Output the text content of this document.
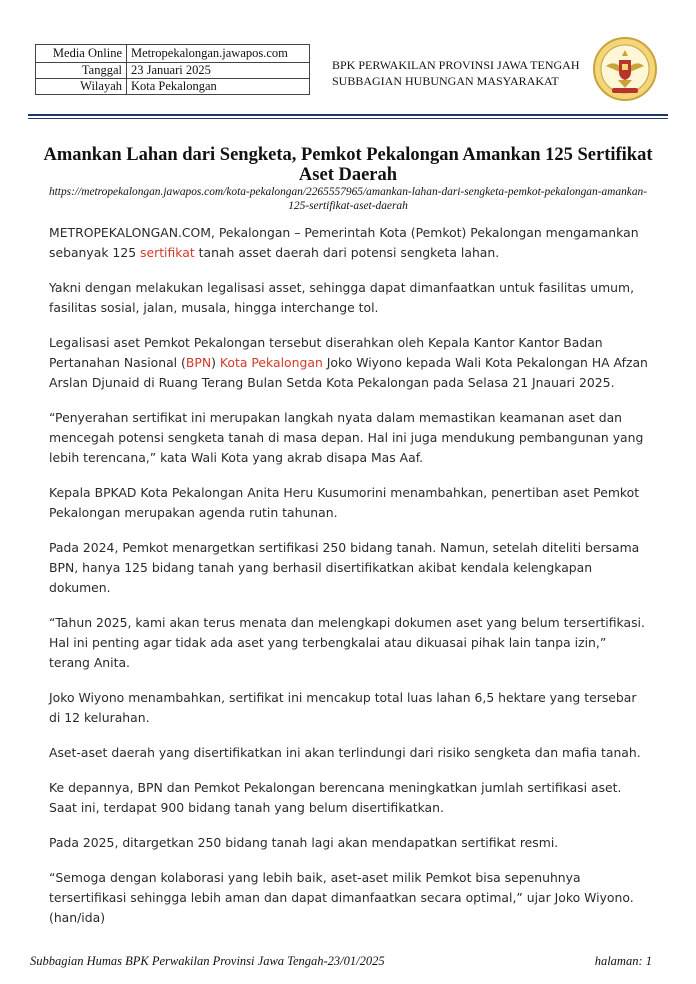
Media Online	Metropekalongan.jawapos.com
Tanggal	23 Januari 2025
Wilayah	Kota Pekalongan
BPK PERWAKILAN PROVINSI JAWA TENGAH
SUBBAGIAN HUBUNGAN MASYARAKAT
Amankan Lahan dari Sengketa, Pemkot Pekalongan Amankan 125 Sertifikat Aset Daerah
https://metropekalongan.jawapos.com/kota-pekalongan/2265557965/amankan-lahan-dari-sengketa-pemkot-pekalongan-amankan-125-sertifikat-aset-daerah

METROPEKALONGAN.COM, Pekalongan – Pemerintah Kota (Pemkot) Pekalongan mengamankan sebanyak 125 sertifikat tanah asset daerah dari potensi sengketa lahan.

Yakni dengan melakukan legalisasi asset, sehingga dapat dimanfaatkan untuk fasilitas umum, fasilitas sosial, jalan, musala, hingga interchange tol.

Legalisasi aset Pemkot Pekalongan tersebut diserahkan oleh Kepala Kantor Kantor Badan Pertanahan Nasional (BPN) Kota Pekalongan Joko Wiyono kepada Wali Kota Pekalongan HA Afzan Arslan Djunaid di Ruang Terang Bulan Setda Kota Pekalongan pada Selasa 21 Jnauari 2025.

“Penyerahan sertifikat ini merupakan langkah nyata dalam memastikan keamanan aset dan mencegah potensi sengketa tanah di masa depan. Hal ini juga mendukung pembangunan yang lebih terencana,” kata Wali Kota yang akrab disapa Mas Aaf.

Kepala BPKAD Kota Pekalongan Anita Heru Kusumorini menambahkan, penertiban aset Pemkot Pekalongan merupakan agenda rutin tahunan.

Pada 2024, Pemkot menargetkan sertifikasi 250 bidang tanah. Namun, setelah diteliti bersama BPN, hanya 125 bidang tanah yang berhasil disertifikatkan akibat kendala kelengkapan dokumen.

“Tahun 2025, kami akan terus menata dan melengkapi dokumen aset yang belum tersertifikasi. Hal ini penting agar tidak ada aset yang terbengkalai atau dikuasai pihak lain tanpa izin,” terang Anita.

Joko Wiyono menambahkan, sertifikat ini mencakup total luas lahan 6,5 hektare yang tersebar di 12 kelurahan.

Aset-aset daerah yang disertifikatkan ini akan terlindungi dari risiko sengketa dan mafia tanah.

Ke depannya, BPN dan Pemkot Pekalongan berencana meningkatkan jumlah sertifikasi aset. Saat ini, terdapat 900 bidang tanah yang belum disertifikatkan.

Pada 2025, ditargetkan 250 bidang tanah lagi akan mendapatkan sertifikat resmi.

“Semoga dengan kolaborasi yang lebih baik, aset-aset milik Pemkot bisa sepenuhnya tersertifikasi sehingga lebih aman dan dapat dimanfaatkan secara optimal,” ujar Joko Wiyono. (han/ida)

Subbagian Humas BPK Perwakilan Provinsi Jawa Tengah-23/01/2025	halaman: 1
